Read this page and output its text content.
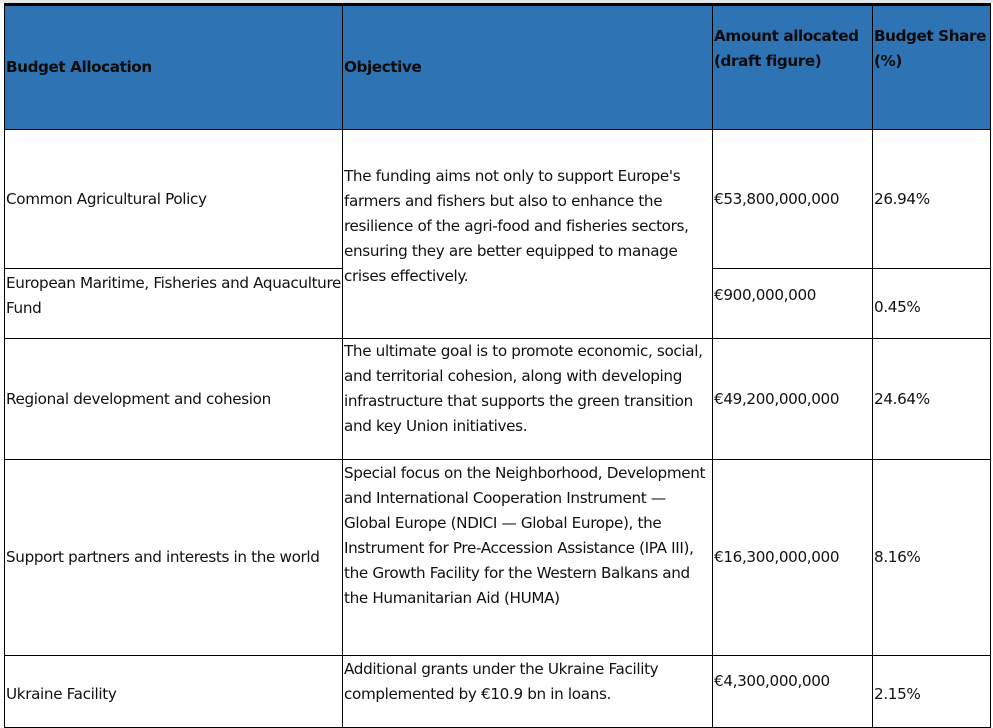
Budget Allocation	Objective	Amount allocated (draft figure)	Budget Share (%)

Common Agricultural Policy	The funding aims not only to support Europe's farmers and fishers but also to enhance the resilience of the agri-food and fisheries sectors, ensuring they are better equipped to manage crises effectively.	€53,800,000,000	26.94%

European Maritime, Fisheries and Aquaculture Fund		€900,000,000	0.45%

Regional development and cohesion	The ultimate goal is to promote economic, social, and territorial cohesion, along with developing infrastructure that supports the green transition and key Union initiatives.	€49,200,000,000	24.64%

Support partners and interests in the world	Special focus on the Neighborhood, Development and International Cooperation Instrument — Global Europe (NDICI — Global Europe), the Instrument for Pre-Accession Assistance (IPA III), the Growth Facility for the Western Balkans and the Humanitarian Aid (HUMA)	€16,300,000,000	8.16%

Ukraine Facility	Additional grants under the Ukraine Facility complemented by €10.9 bn in loans.	€4,300,000,000	2.15%
